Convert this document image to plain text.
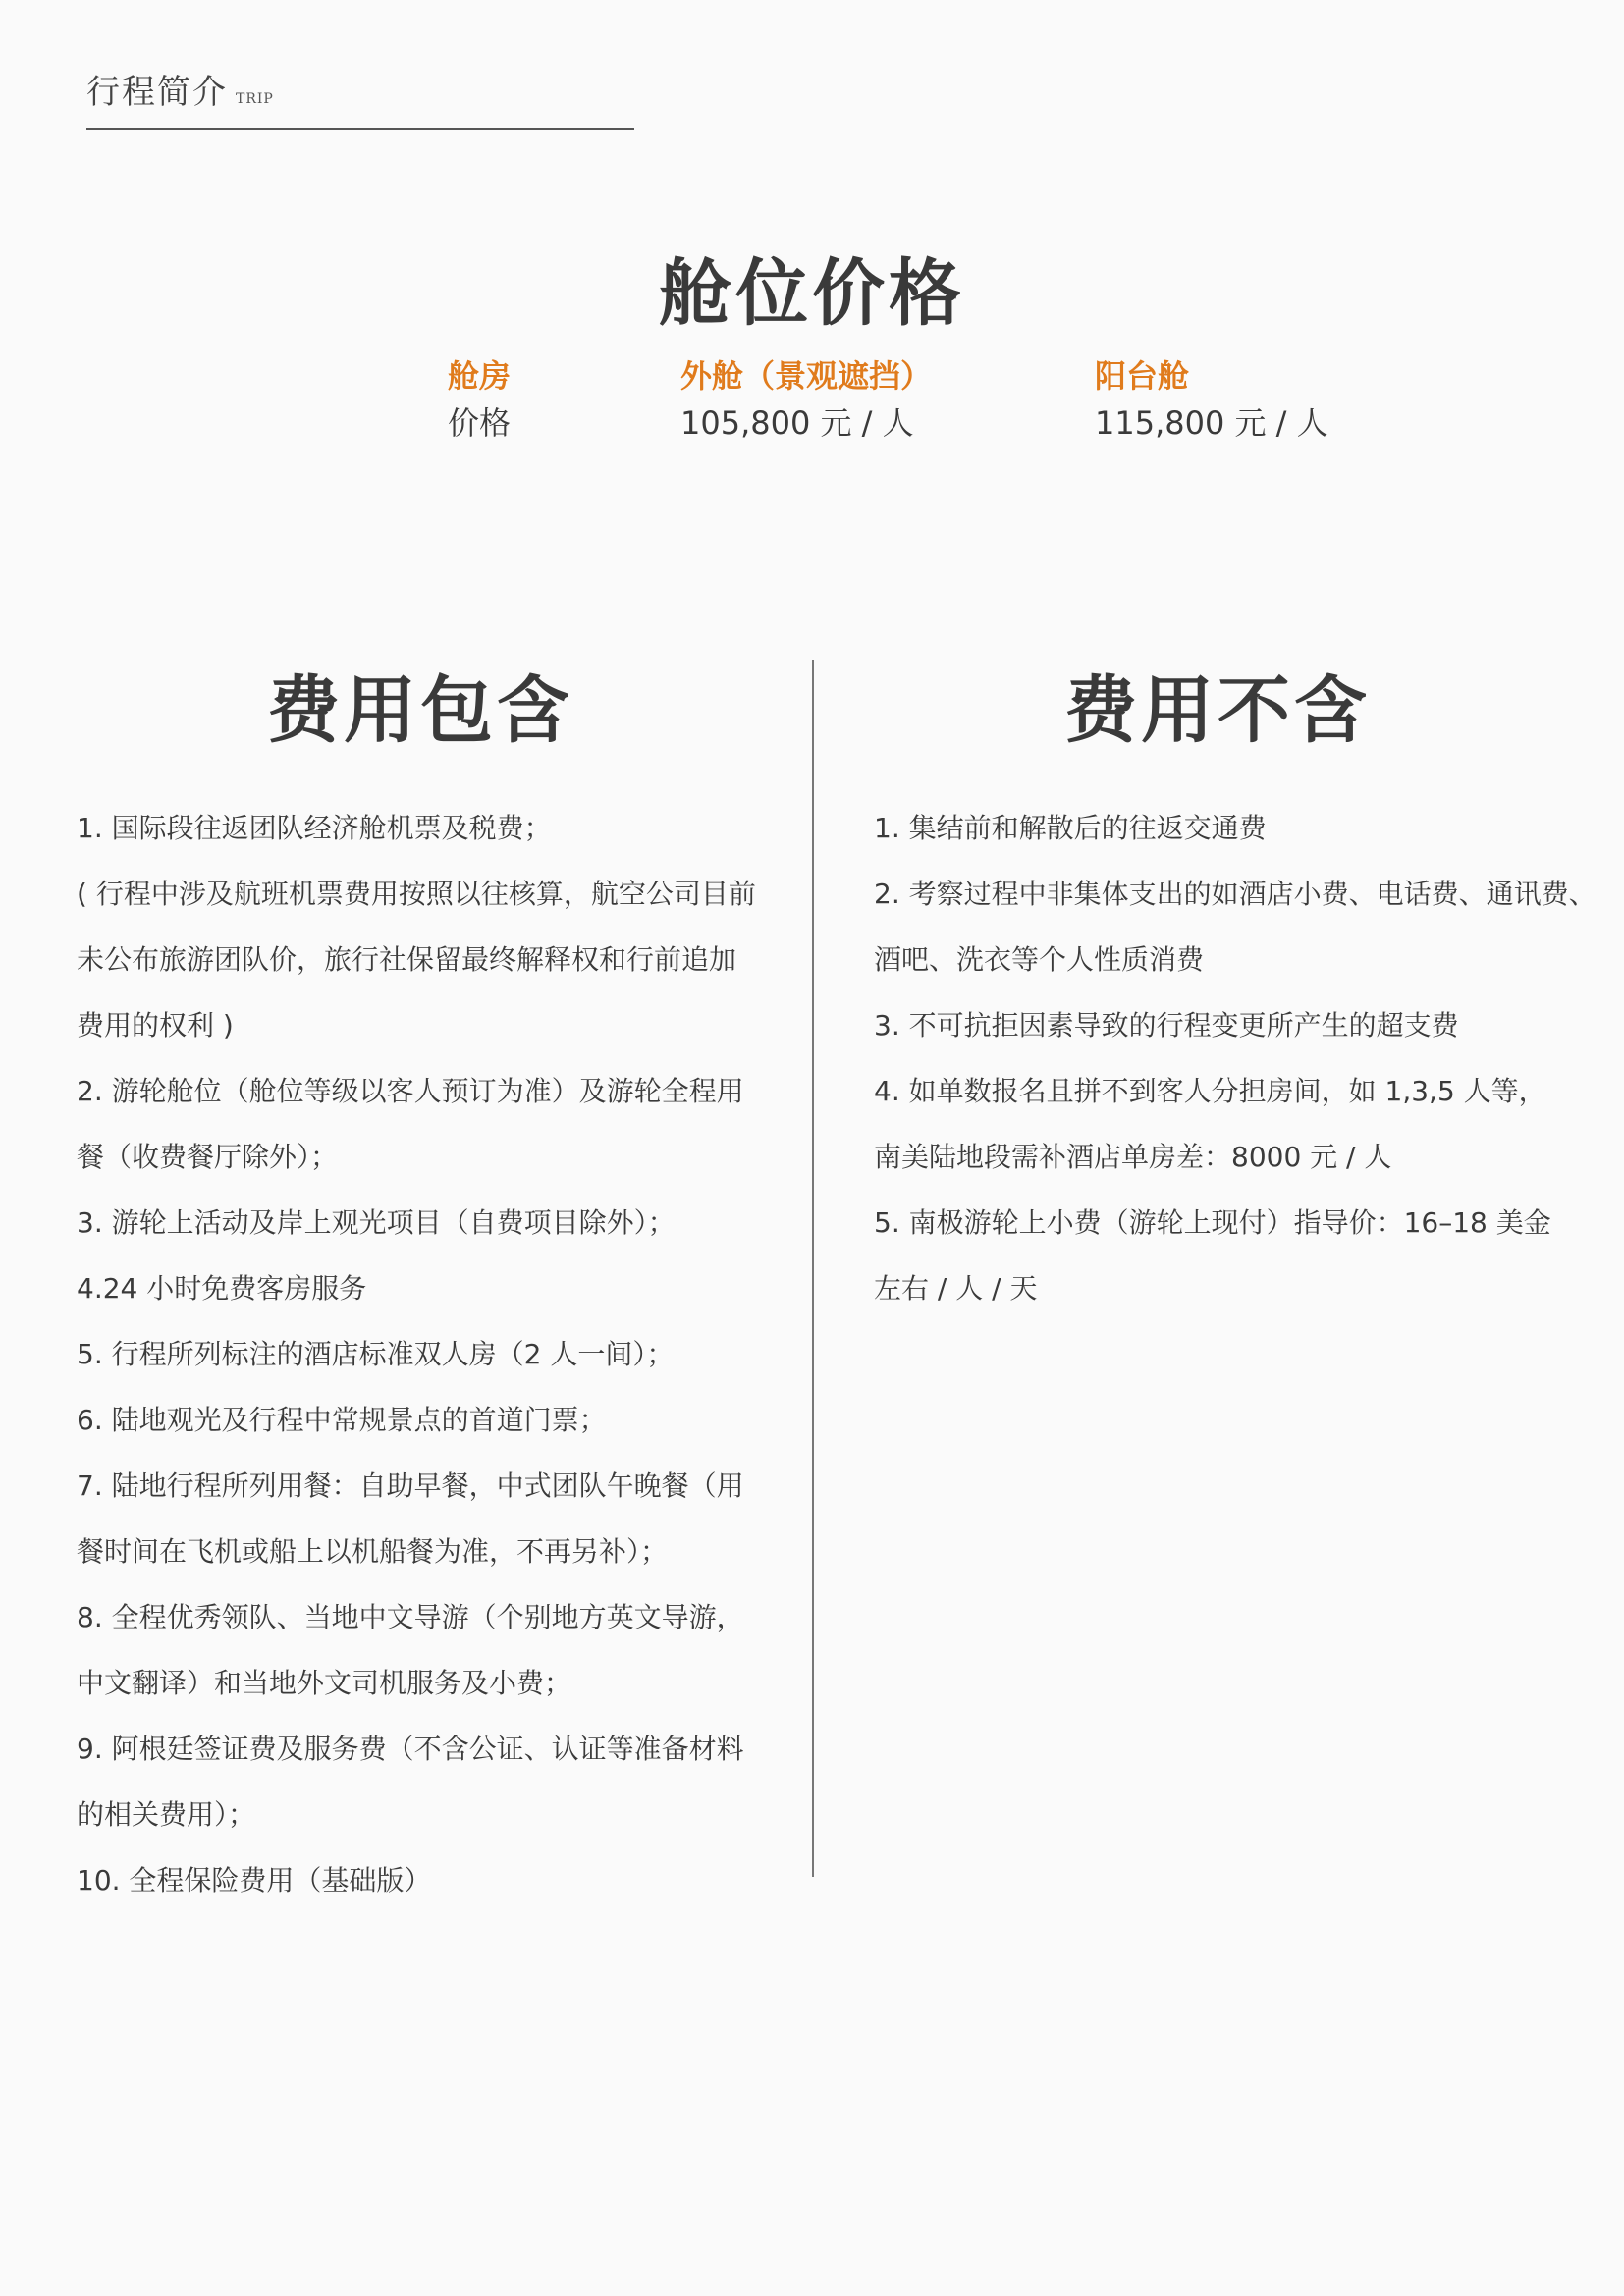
行程简介 TRIP
舱位价格
舱房
价格
外舱（景观遮挡）
105,800 元 / 人
阳台舱
115,800 元 / 人
费用包含
1. 国际段往返团队经济舱机票及税费；
( 行程中涉及航班机票费用按照以往核算，航空公司目前
未公布旅游团队价，旅行社保留最终解释权和行前追加
费用的权利 )
2. 游轮舱位（舱位等级以客人预订为准）及游轮全程用
餐（收费餐厅除外）；
3. 游轮上活动及岸上观光项目（自费项目除外）；
4.24 小时免费客房服务
5. 行程所列标注的酒店标准双人房（2 人一间）；
6. 陆地观光及行程中常规景点的首道门票；
7. 陆地行程所列用餐：自助早餐，中式团队午晚餐（用
餐时间在飞机或船上以机船餐为准，不再另补）；
8. 全程优秀领队、当地中文导游（个别地方英文导游，
中文翻译）和当地外文司机服务及小费；
9. 阿根廷签证费及服务费（不含公证、认证等准备材料
的相关费用）；
10. 全程保险费用（基础版）
费用不含
1. 集结前和解散后的往返交通费
2. 考察过程中非集体支出的如酒店小费、电话费、通讯费、
酒吧、洗衣等个人性质消费
3. 不可抗拒因素导致的行程变更所产生的超支费
4. 如单数报名且拼不到客人分担房间，如 1,3,5 人等，
南美陆地段需补酒店单房差：8000 元 / 人
5. 南极游轮上小费（游轮上现付）指导价：16–18 美金
左右 / 人 / 天
